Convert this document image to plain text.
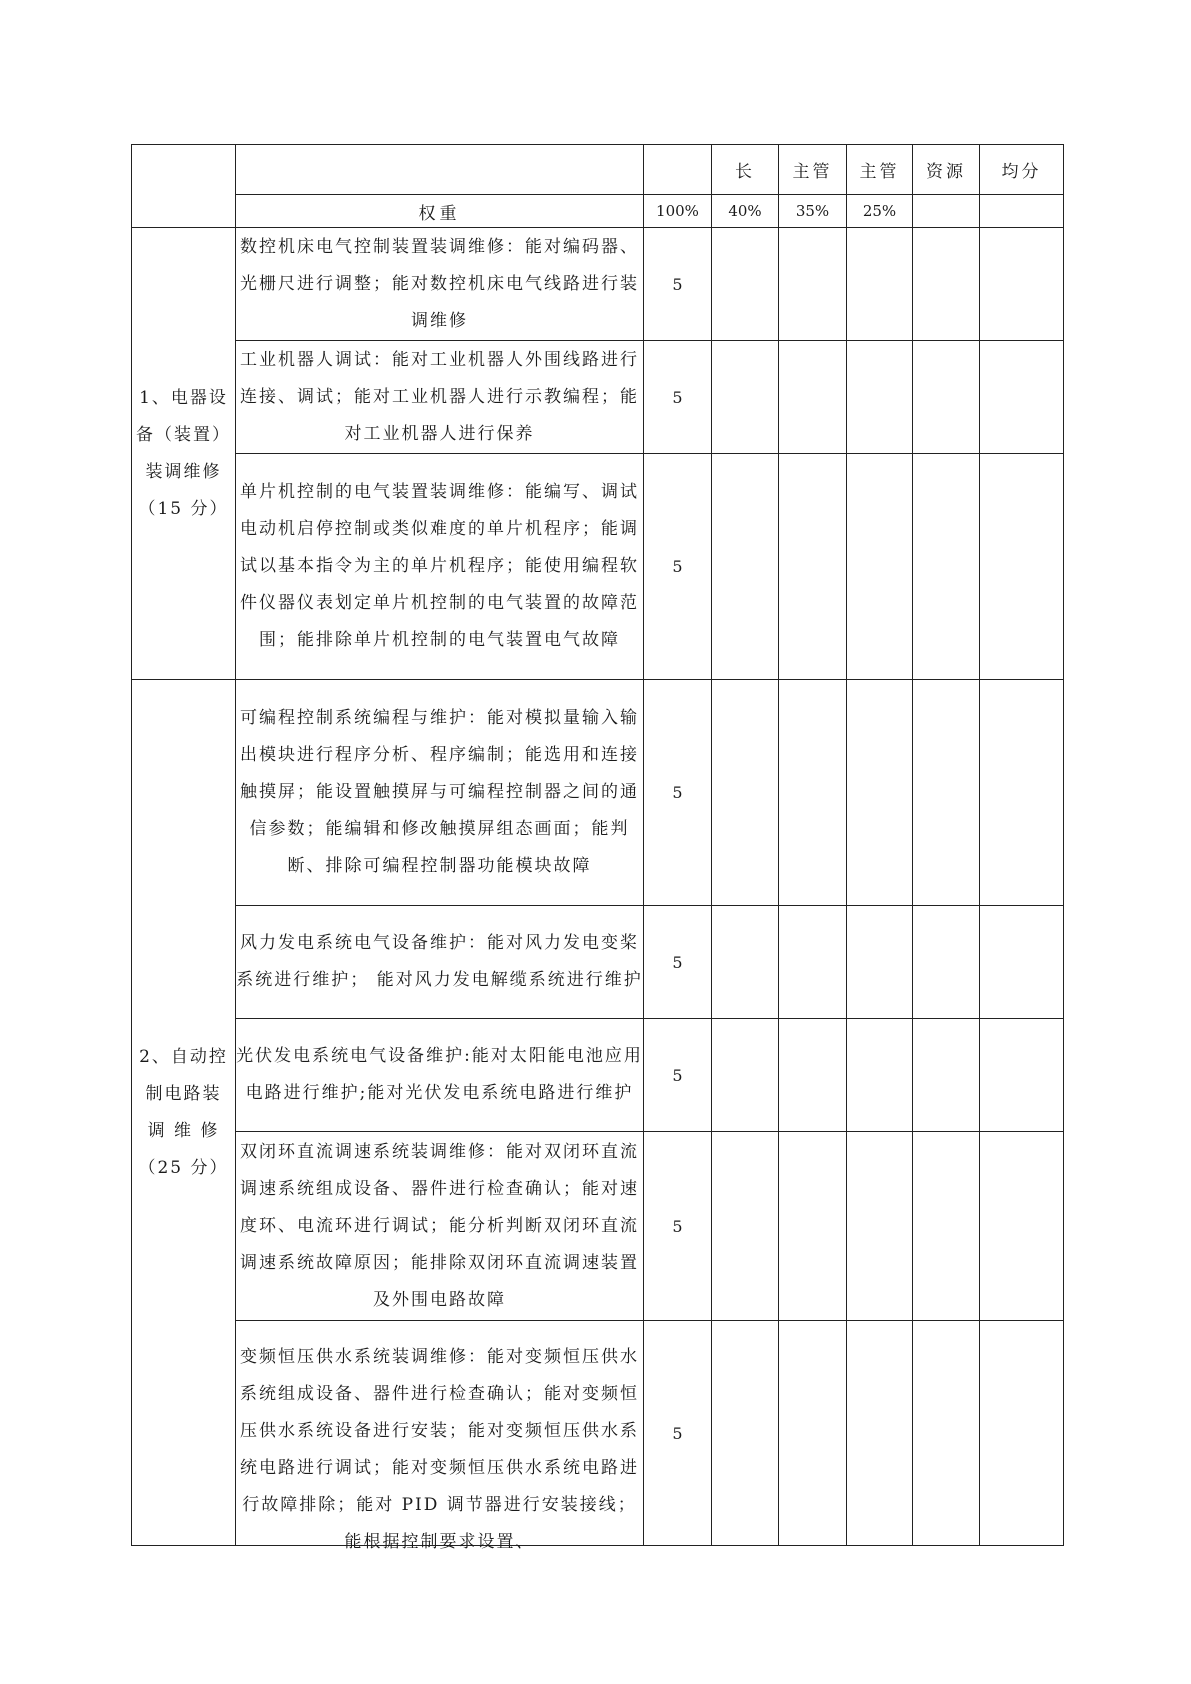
			长	主管	主管	资源	均分
	权重	100%	40%	35%	25%		

1、电器设
备（装置）
装调维修
（15 分）	数控机床电气控制装置装调维修：能对编码器、光栅尺进行调整；能对数控机床电气线路进行装调维修	5					
	工业机器人调试：能对工业机器人外围线路进行连接、调试；能对工业机器人进行示教编程；能对工业机器人进行保养	5					
	单片机控制的电气装置装调维修：能编写、调试电动机启停控制或类似难度的单片机程序；能调试以基本指令为主的单片机程序；能使用编程软件仪器仪表划定单片机控制的电气装置的故障范围；能排除单片机控制的电气装置电气故障	5					

2、自动控
制电路装
调 维 修
（25 分）	可编程控制系统编程与维护：能对模拟量输入输出模块进行程序分析、程序编制；能选用和连接触摸屏；能设置触摸屏与可编程控制器之间的通信参数；能编辑和修改触摸屏组态画面；能判断、排除可编程控制器功能模块故障	5					
	风力发电系统电气设备维护：能对风力发电变桨系统进行维护； 能对风力发电解缆系统进行维护	5					
	光伏发电系统电气设备维护:能对太阳能电池应用电路进行维护;能对光伏发电系统电路进行维护	5					
	双闭环直流调速系统装调维修：能对双闭环直流调速系统组成设备、器件进行检查确认；能对速度环、电流环进行调试；能分析判断双闭环直流调速系统故障原因；能排除双闭环直流调速装置及外围电路故障	5					

	变频恒压供水系统装调维修：能对变频恒压供水系统组成设备、器件进行检查确认；能对变频恒压供水系统设备进行安装；能对变频恒压供水系统电路进行调试；能对变频恒压供水系统电路进行故障排除；能对 PID 调节器进行安装接线；能根据控制要求设置、	5					
